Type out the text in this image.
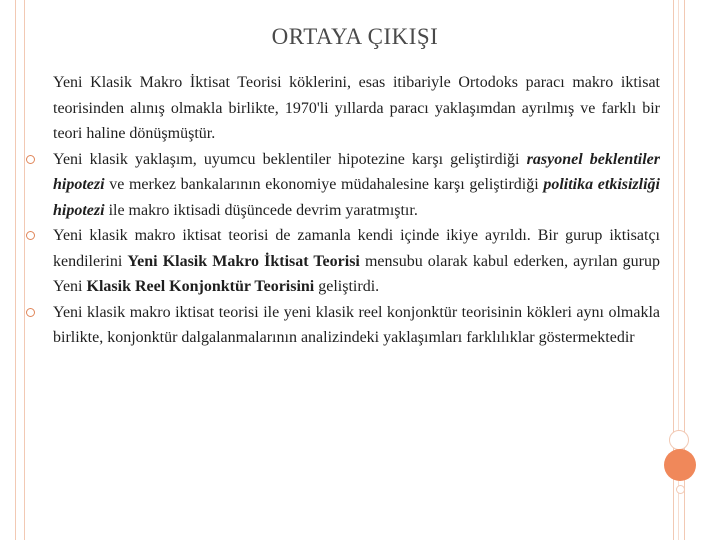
ORTAYA ÇIKIŞI

Yeni Klasik Makro İktisat Teorisi köklerini, esas itibariyle Ortodoks paracı makro iktisat teorisinden alınış olmakla birlikte, 1970'li yıllarda paracı yaklaşımdan ayrılmış ve farklı bir teori haline dönüşmüştür.

Yeni klasik yaklaşım, uyumcu beklentiler hipotezine karşı geliştirdiği rasyonel beklentiler hipotezi ve merkez bankalarının ekonomiye müdahalesine karşı geliştirdiği politika etkisizliği hipotezi ile makro iktisadi düşüncede devrim yaratmıştır.

Yeni klasik makro iktisat teorisi de zamanla kendi içinde ikiye ayrıldı. Bir gurup iktisatçı kendilerini Yeni Klasik Makro İktisat Teorisi mensubu olarak kabul ederken, ayrılan gurup Yeni Klasik Reel Konjonktür Teorisini geliştirdi.

Yeni klasik makro iktisat teorisi ile yeni klasik reel konjonktür teorisinin kökleri aynı olmakla birlikte, konjonktür dalgalanmalarının analizindeki yaklaşımları farklılıklar göstermektedir
